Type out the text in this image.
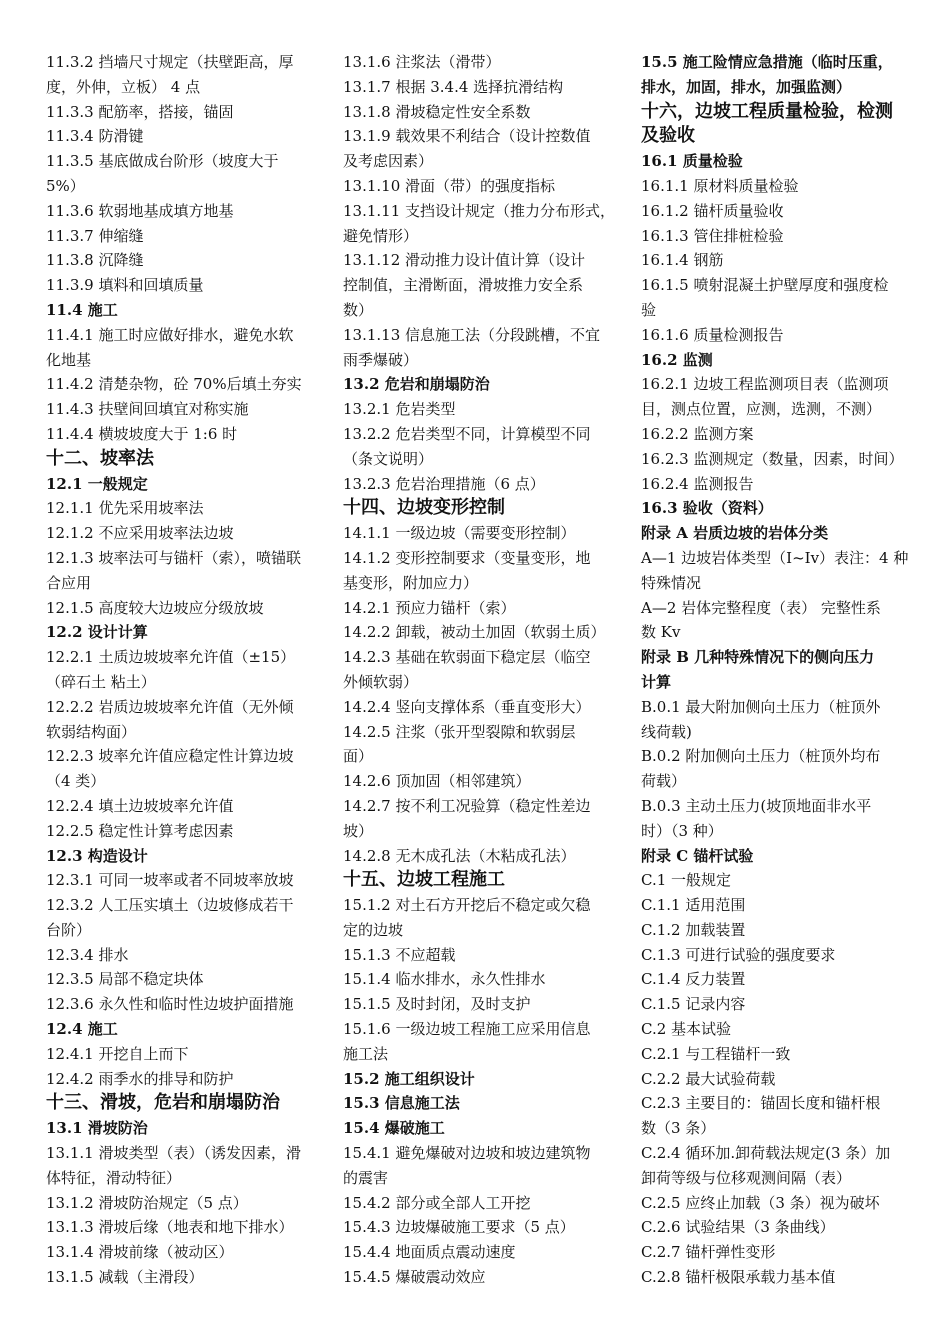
11.3.2 挡墙尺寸规定（扶壁距高，厚
度，外伸，立板） 4 点
11.3.3 配筋率，搭接，锚固
11.3.4 防滑键
11.3.5 基底做成台阶形（坡度大于
5%）
11.3.6 软弱地基成填方地基
11.3.7 伸缩缝
11.3.8 沉降缝
11.3.9 填料和回填质量
11.4 施工
11.4.1 施工时应做好排水，避免水软
化地基
11.4.2 清楚杂物，砼 70%后填土夯实
11.4.3 扶壁间回填宜对称实施
11.4.4 横坡坡度大于 1:6 时
十二、坡率法
12.1 一般规定
12.1.1 优先采用坡率法
12.1.2 不应采用坡率法边坡
12.1.3 坡率法可与锚杆（索），喷锚联
合应用
12.1.5 高度较大边坡应分级放坡
12.2 设计计算
12.2.1 土质边坡坡率允许值（±15）
（碎石土 粘土）
12.2.2 岩质边坡坡率允许值（无外倾
软弱结构面）
12.2.3 坡率允许值应稳定性计算边坡
（4 类）
12.2.4 填土边坡坡率允许值
12.2.5 稳定性计算考虑因素
12.3 构造设计
12.3.1 可同一坡率或者不同坡率放坡
12.3.2 人工压实填土（边坡修成若干
台阶）
12.3.4 排水
12.3.5 局部不稳定块体
12.3.6 永久性和临时性边坡护面措施
12.4 施工
12.4.1 开挖自上而下
12.4.2 雨季水的排导和防护
十三、滑坡，危岩和崩塌防治
13.1 滑坡防治
13.1.1 滑坡类型（表）（诱发因素，滑
体特征，滑动特征）
13.1.2 滑坡防治规定（5 点）
13.1.3 滑坡后缘（地表和地下排水）
13.1.4 滑坡前缘（被动区）
13.1.5 减载（主滑段）
13.1.6 注浆法（滑带）
13.1.7 根据 3.4.4 选择抗滑结构
13.1.8 滑坡稳定性安全系数
13.1.9 载效果不利结合（设计控数值
及考虑因素）
13.1.10 滑面（带）的强度指标
13.1.11 支挡设计规定（推力分布形式，
避免情形）
13.1.12 滑动推力设计值计算（设计
控制值，主滑断面，滑坡推力安全系
数）
13.1.13 信息施工法（分段跳槽，不宜
雨季爆破）
13.2 危岩和崩塌防治
13.2.1 危岩类型
13.2.2 危岩类型不同，计算模型不同
（条文说明）
13.2.3 危岩治理措施（6 点）
十四、边坡变形控制
14.1.1 一级边坡（需要变形控制）
14.1.2 变形控制要求（变量变形，地
基变形，附加应力）
14.2.1 预应力锚杆（索）
14.2.2 卸载，被动土加固（软弱土质）
14.2.3 基础在软弱面下稳定层（临空
外倾软弱）
14.2.4 竖向支撑体系（垂直变形大）
14.2.5 注浆（张开型裂隙和软弱层
面）
14.2.6 顶加固（相邻建筑）
14.2.7 按不利工况验算（稳定性差边
坡）
14.2.8 无木成孔法（木粘成孔法）
十五、边坡工程施工
15.1.2 对土石方开挖后不稳定或欠稳
定的边坡
15.1.3 不应超载
15.1.4 临水排水，永久性排水
15.1.5 及时封闭，及时支护
15.1.6 一级边坡工程施工应采用信息
施工法
15.2 施工组织设计
15.3 信息施工法
15.4 爆破施工
15.4.1 避免爆破对边坡和坡边建筑物
的震害
15.4.2 部分或全部人工开挖
15.4.3 边坡爆破施工要求（5 点）
15.4.4 地面质点震动速度
15.4.5 爆破震动效应
15.5 施工险情应急措施（临时压重，
排水，加固，排水，加强监测）
十六，边坡工程质量检验，检测
及验收
16.1 质量检验
16.1.1 原材料质量检验
16.1.2 锚杆质量验收
16.1.3 管住排桩检验
16.1.4 钢筋
16.1.5 喷射混凝土护壁厚度和强度检
验
16.1.6 质量检测报告
16.2 监测
16.2.1 边坡工程监测项目表（监测项
目，测点位置，应测，选测，不测）
16.2.2 监测方案
16.2.3 监测规定（数量，因素，时间）
16.2.4 监测报告
16.3 验收（资料）
附录 A 岩质边坡的岩体分类
A—1 边坡岩体类型（I~Iv）表注：4 种
特殊情况
A—2 岩体完整程度（表） 完整性系
数 Kv
附录 B 几种特殊情况下的侧向压力
计算
B.0.1 最大附加侧向土压力（桩顶外
线荷载)
B.0.2 附加侧向土压力（桩顶外均布
荷载）
B.0.3 主动土压力(坡顶地面非水平
时）（3 种）
附录 C 锚杆试验
C.1 一般规定
C.1.1 适用范围
C.1.2 加载装置
C.1.3 可进行试验的强度要求
C.1.4 反力装置
C.1.5 记录内容
C.2 基本试验
C.2.1 与工程锚杆一致
C.2.2 最大试验荷载
C.2.3 主要目的：锚固长度和锚杆根
数（3 条）
C.2.4 循环加.卸荷载法规定(3 条）加
卸荷等级与位移观测间隔（表）
C.2.5 应终止加载（3 条）视为破坏
C.2.6 试验结果（3 条曲线）
C.2.7 锚杆弹性变形
C.2.8 锚杆极限承载力基本值
